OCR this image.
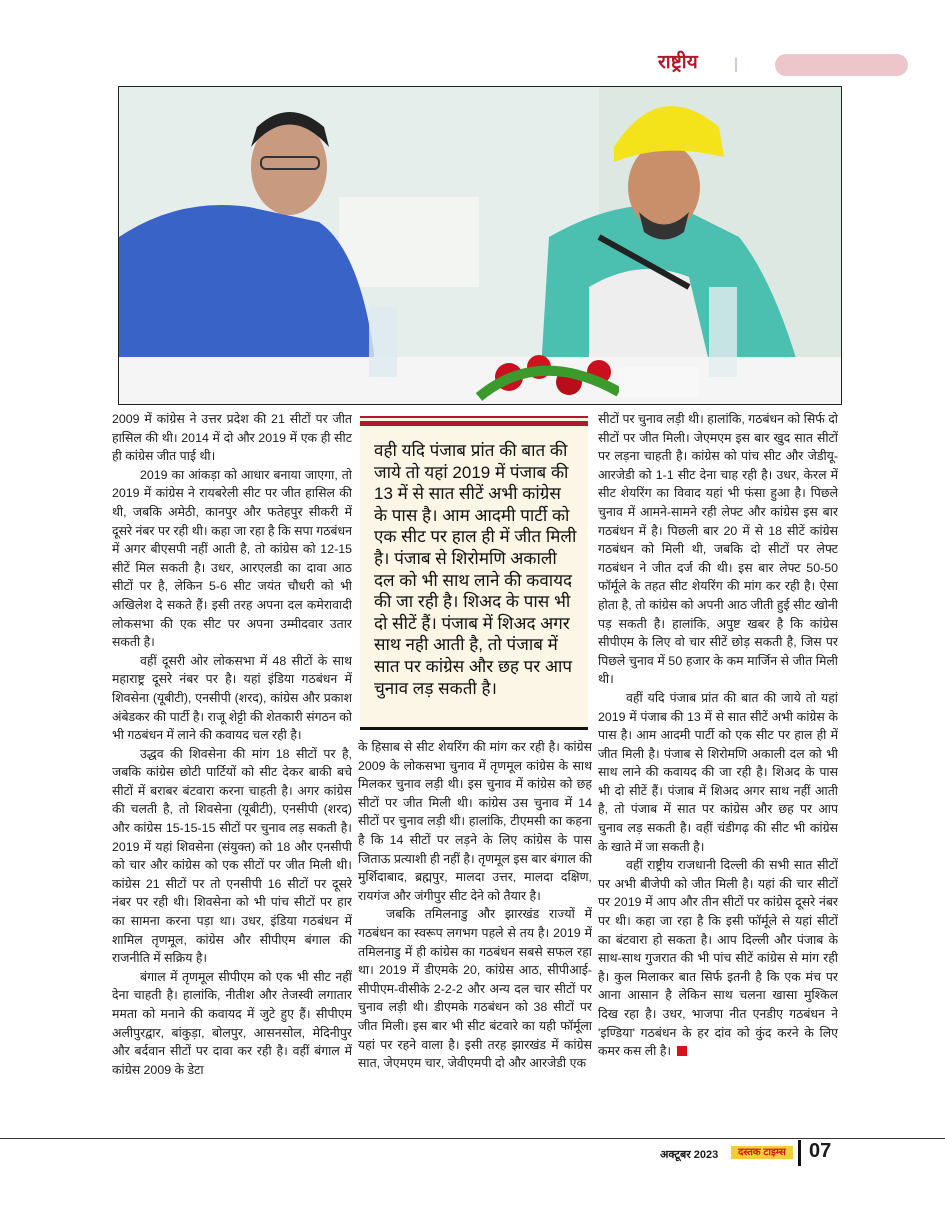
राष्ट्रीय

2009 में कांग्रेस ने उत्तर प्रदेश की 21 सीटों पर जीत हासिल की थी। 2014 में दो और 2019 में एक ही सीट ही कांग्रेस जीत पाई थी।

2019 का आंकड़ा को आधार बनाया जाएगा, तो 2019 में कांग्रेस ने रायबरेली सीट पर जीत हासिल की थी, जबकि अमेठी, कानपुर और फतेहपुर सीकरी में दूसरे नंबर पर रही थी। कहा जा रहा है कि सपा गठबंधन में अगर बीएसपी नहीं आती है, तो कांग्रेस को 12-15 सीटें मिल सकती है। उधर, आरएलडी का दावा आठ सीटों पर है, लेकिन 5-6 सीट जयंत चौधरी को भी अखिलेश दे सकते हैं। इसी तरह अपना दल कमेरावादी लोकसभा की एक सीट पर अपना उम्मीदवार उतार सकती है।

वहीं दूसरी ओर लोकसभा में 48 सीटों के साथ महाराष्ट्र दूसरे नंबर पर है। यहां इंडिया गठबंधन में शिवसेना (यूबीटी), एनसीपी (शरद), कांग्रेस और प्रकाश अंबेडकर की पार्टी है। राजू शेट्टी की शेतकारी संगठन को भी गठबंधन में लाने की कवायद चल रही है।

उद्धव की शिवसेना की मांग 18 सीटों पर है, जबकि कांग्रेस छोटी पार्टियों को सीट देकर बाकी बचे सीटों में बराबर बंटवारा करना चाहती है। अगर कांग्रेस की चलती है, तो शिवसेना (यूबीटी), एनसीपी (शरद) और कांग्रेस 15-15-15 सीटों पर चुनाव लड़ सकती है। 2019 में यहां शिवसेना (संयुक्त) को 18 और एनसीपी को चार और कांग्रेस को एक सीटों पर जीत मिली थी। कांग्रेस 21 सीटों पर तो एनसीपी 16 सीटों पर दूसरे नंबर पर रही थी। शिवसेना को भी पांच सीटों पर हार का सामना करना पड़ा था। उधर, इंडिया गठबंधन में शामिल तृणमूल, कांग्रेस और सीपीएम बंगाल की राजनीति में सक्रिय है।

बंगाल में तृणमूल सीपीएम को एक भी सीट नहीं देना चाहती है। हालांकि, नीतीश और तेजस्वी लगातार ममता को मनाने की कवायद में जुटे हुए हैं। सीपीएम अलीपुरद्वार, बांकुड़ा, बोलपुर, आसनसोल, मेदिनीपुर और बर्दवान सीटों पर दावा कर रही है। वहीं बंगाल में कांग्रेस 2009 के डेटा

वही यदि पंजाब प्रांत की बात की जाये तो यहां 2019 में पंजाब की 13 में से सात सीटें अभी कांग्रेस के पास है। आम आदमी पार्टी को एक सीट पर हाल ही में जीत मिली है। पंजाब से शिरोमणि अकाली दल को भी साथ लाने की कवायद की जा रही है। शिअद के पास भी दो सीटें हैं। पंजाब में शिअद अगर साथ नही आती है, तो पंजाब में सात पर कांग्रेस और छह पर आप चुनाव लड़ सकती है।

के हिसाब से सीट शेयरिंग की मांग कर रही है। कांग्रेस 2009 के लोकसभा चुनाव में तृणमूल कांग्रेस के साथ मिलकर चुनाव लड़ी थी। इस चुनाव में कांग्रेस को छह सीटों पर जीत मिली थी। कांग्रेस उस चुनाव में 14 सीटों पर चुनाव लड़ी थी। हालांकि, टीएमसी का कहना है कि 14 सीटों पर लड़ने के लिए कांग्रेस के पास जिताऊ प्रत्याशी ही नहीं है। तृणमूल इस बार बंगाल की मुर्शिदाबाद, ब्रह्मपुर, मालदा उत्तर, मालदा दक्षिण, रायगंज और जंगीपुर सीट देने को तैयार है।

जबकि तमिलनाडु और झारखंड राज्यों में गठबंधन का स्वरूप लगभग पहले से तय है। 2019 में तमिलनाडु में ही कांग्रेस का गठबंधन सबसे सफल रहा था। 2019 में डीएमके 20, कांग्रेस आठ, सीपीआई-सीपीएम-वीसीके 2-2-2 और अन्य दल चार सीटों पर चुनाव लड़ी थी। डीएमके गठबंधन को 38 सीटों पर जीत मिली। इस बार भी सीट बंटवारे का यही फॉर्मूला यहां पर रहने वाला है। इसी तरह झारखंड में कांग्रेस सात, जेएमएम चार, जेवीएमपी दो और आरजेडी एक

सीटों पर चुनाव लड़ी थी। हालांकि, गठबंधन को सिर्फ दो सीटों पर जीत मिली। जेएमएम इस बार खुद सात सीटों पर लड़ना चाहती है। कांग्रेस को पांच सीट और जेडीयू-आरजेडी को 1-1 सीट देना चाह रही है। उधर, केरल में सीट शेयरिंग का विवाद यहां भी फंसा हुआ है। पिछले चुनाव में आमने-सामने रही लेफ्ट और कांग्रेस इस बार गठबंधन में है। पिछली बार 20 में से 18 सीटें कांग्रेस गठबंधन को मिली थी, जबकि दो सीटों पर लेफ्ट गठबंधन ने जीत दर्ज की थी। इस बार लेफ्ट 50-50 फॉर्मूले के तहत सीट शेयरिंग की मांग कर रही है। ऐसा होता है, तो कांग्रेस को अपनी आठ जीती हुई सीट खोनी पड़ सकती है। हालांकि, अपुष्ट खबर है कि कांग्रेस सीपीएम के लिए वो चार सीटें छोड़ सकती है, जिस पर पिछले चुनाव में 50 हजार के कम मार्जिन से जीत मिली थी।

वहीं यदि पंजाब प्रांत की बात की जाये तो यहां 2019 में पंजाब की 13 में से सात सीटें अभी कांग्रेस के पास है। आम आदमी पार्टी को एक सीट पर हाल ही में जीत मिली है। पंजाब से शिरोमणि अकाली दल को भी साथ लाने की कवायद की जा रही है। शिअद के पास भी दो सीटें हैं। पंजाब में शिअद अगर साथ नहीं आती है, तो पंजाब में सात पर कांग्रेस और छह पर आप चुनाव लड़ सकती है। वहीं चंडीगढ़ की सीट भी कांग्रेस के खाते में जा सकती है।

वहीं राष्ट्रीय राजधानी दिल्ली की सभी सात सीटों पर अभी बीजेपी को जीत मिली है। यहां की चार सीटों पर 2019 में आप और तीन सीटों पर कांग्रेस दूसरे नंबर पर थी। कहा जा रहा है कि इसी फॉर्मूले से यहां सीटों का बंटवारा हो सकता है। आप दिल्ली और पंजाब के साथ-साथ गुजरात की भी पांच सीटें कांग्रेस से मांग रही है। कुल मिलाकर बात सिर्फ इतनी है कि एक मंच पर आना आसान है लेकिन साथ चलना खासा मुश्किल दिख रहा है। उधर, भाजपा नीत एनडीए गठबंधन ने 'इण्डिया' गठबंधन के हर दांव को कुंद करने के लिए कमर कस ली है।

अक्टूबर 2023	दस्तक टाइम्स	07
